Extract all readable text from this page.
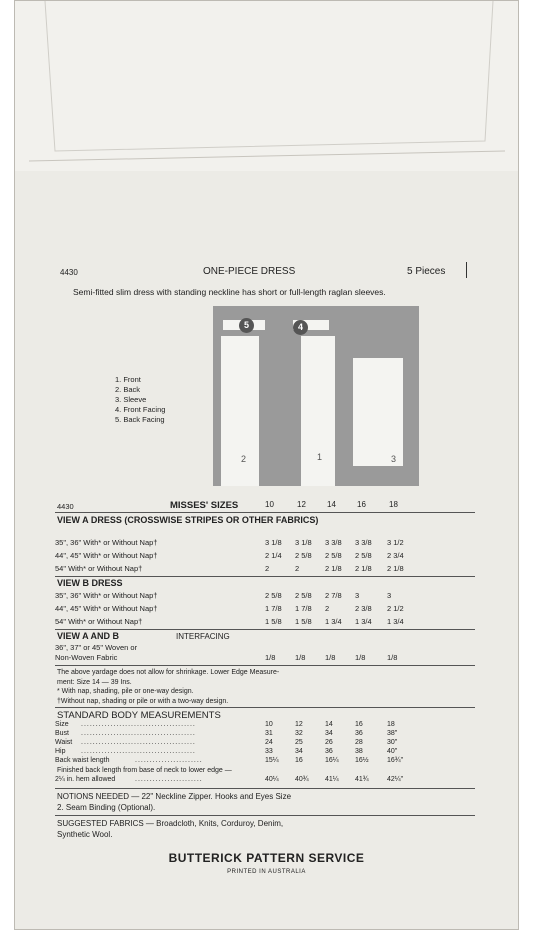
4430	ONE-PIECE DRESS	5 Pieces
Semi-fitted slim dress with standing neckline has short or full-length raglan sleeves.
1. Front
2. Back
3. Sleeve
4. Front Facing
5. Back Facing
5	4
2	1	3
4430	MISSES' SIZES	10	12	14	16	18
VIEW A DRESS (CROSSWISE STRIPES OR OTHER FABRICS)
35", 36" With* or Without Nap†	3 1/8	3 1/8	3 3/8	3 3/8	3 1/2
44", 45" With* or Without Nap†	2 1/4	2 5/8	2 5/8	2 5/8	2 3/4
54" With* or Without Nap†	2	2	2 1/8	2 1/8	2 1/8
VIEW B DRESS
35", 36" With* or Without Nap†	2 5/8	2 5/8	2 7/8	3	3
44", 45" With* or Without Nap†	1 7/8	1 7/8	2	2 3/8	2 1/2
54" With* or Without Nap†	1 5/8	1 5/8	1 3/4	1 3/4	1 3/4
VIEW A AND B	INTERFACING
36", 37" or 45" Woven or
Non-Woven Fabric	1/8	1/8	1/8	1/8	1/8
The above yardage does not allow for shrinkage. Lower Edge Measure-
ment: Size 14 — 39 Ins.
* With nap, shading, pile or one-way design.
†Without nap, shading or pile or with a two-way design.
STANDARD BODY MEASUREMENTS
Size .......................................	10	12	14	16	18
Bust .......................................	31	32	34	36	38"
Waist .......................................	24	25	26	28	30"
Hip .......................................	33	34	36	38	40"
Back waist length	.......................	15¼	16	16¼	16½	16¾"
Finished back length from base of neck to lower edge —
2¼ in. hem allowed	.......................	40¼	40¾	41¼	41¾	42¼"
NOTIONS NEEDED — 22" Neckline Zipper. Hooks and Eyes Size
2. Seam Binding (Optional).
SUGGESTED FABRICS — Broadcloth, Knits, Corduroy, Denim,
Synthetic Wool.
BUTTERICK PATTERN SERVICE
PRINTED IN AUSTRALIA
